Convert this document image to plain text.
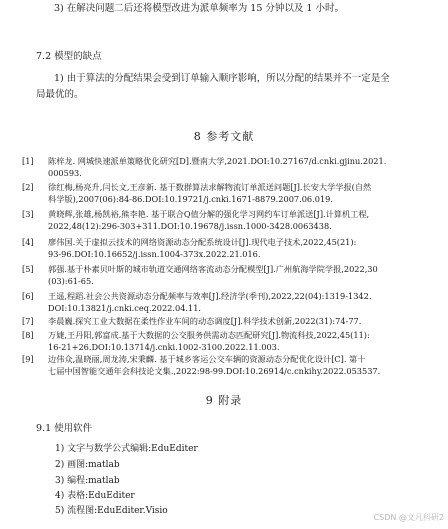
3) 在解决问题二后还将模型改进为派单频率为 15 分钟以及 1 小时。
7.2 模型的缺点
1) 由于算法的分配结果会受到订单输入顺序影响，所以分配的结果并不一定是全
局最优的。
8 参考文献
[1]	陈梓龙. 网城快速派单策略优化研究[D].暨南大学,2021.DOI:10.27167/d.cnki.gjinu.2021.
000593.
[2]	徐红梅,杨亮升,闫长文,王彦新. 基于数群算法求解物流订单派送问题[J].长安大学学报(自然
科学版),2007(06):84-86.DOI:10.19721/j.cnki.1671-8879.2007.06.019.
[3]	黄晓辉,张雄,杨凯裕,熊李艳. 基于联合Q值分解的强化学习网约车订单派送[J].计算机工程,
2022,48(12):296-303+311.DOI:10.19678/j.issn.1000-3428.0063438.
[4]	廖伟国.关于虚拟云技术的网络资源动态分配系统设计[J].现代电子技术,2022,45(21):
93-96.DOI:10.16652/j.issn.1004-373x.2022.21.016.
[5]	郭强.基于朴素贝叶斯的城市轨道交通网络客流动态分配模型[J].广州航海学院学报,2022,30
(03):61-65.
[6]	王遥,程蹈.社会公共资源动态分配频率与效率[J].经济学(季刊),2022,22(04):1319-1342.
DOI:10.13821/j.cnki.ceq.2022.04.11.
[7]	李晨巍.探究工业大数据在柔性作业车间的动态调度[J].科学技术创新,2022(31):74-77.
[8]	万婕,王丹阳,郭富成.基于大数据的公交服务供需动态匹配研究[J].物流科技,2022,45(11):
16-21+26.DOI:10.13714/j.cnki.1002-3100.2022.11.003.
[9]	边伟众,温晓丽,周龙涛,宋秉麟. 基于城乡客运公交车辆的资源动态分配优化设计[C]. 第十
七届中国智能交通年会科技论文集.,2022:98-99.DOI:10.26914/c.cnkihy.2022.053537.
9 附录
9.1 使用软件
1) 文字与数学公式编辑:EduEditer
2) 画图:matlab
3) 编程:matlab
4) 表格:EduEditer
5) 流程图:EduEditer.Visio
CSDN @文凡科研2
